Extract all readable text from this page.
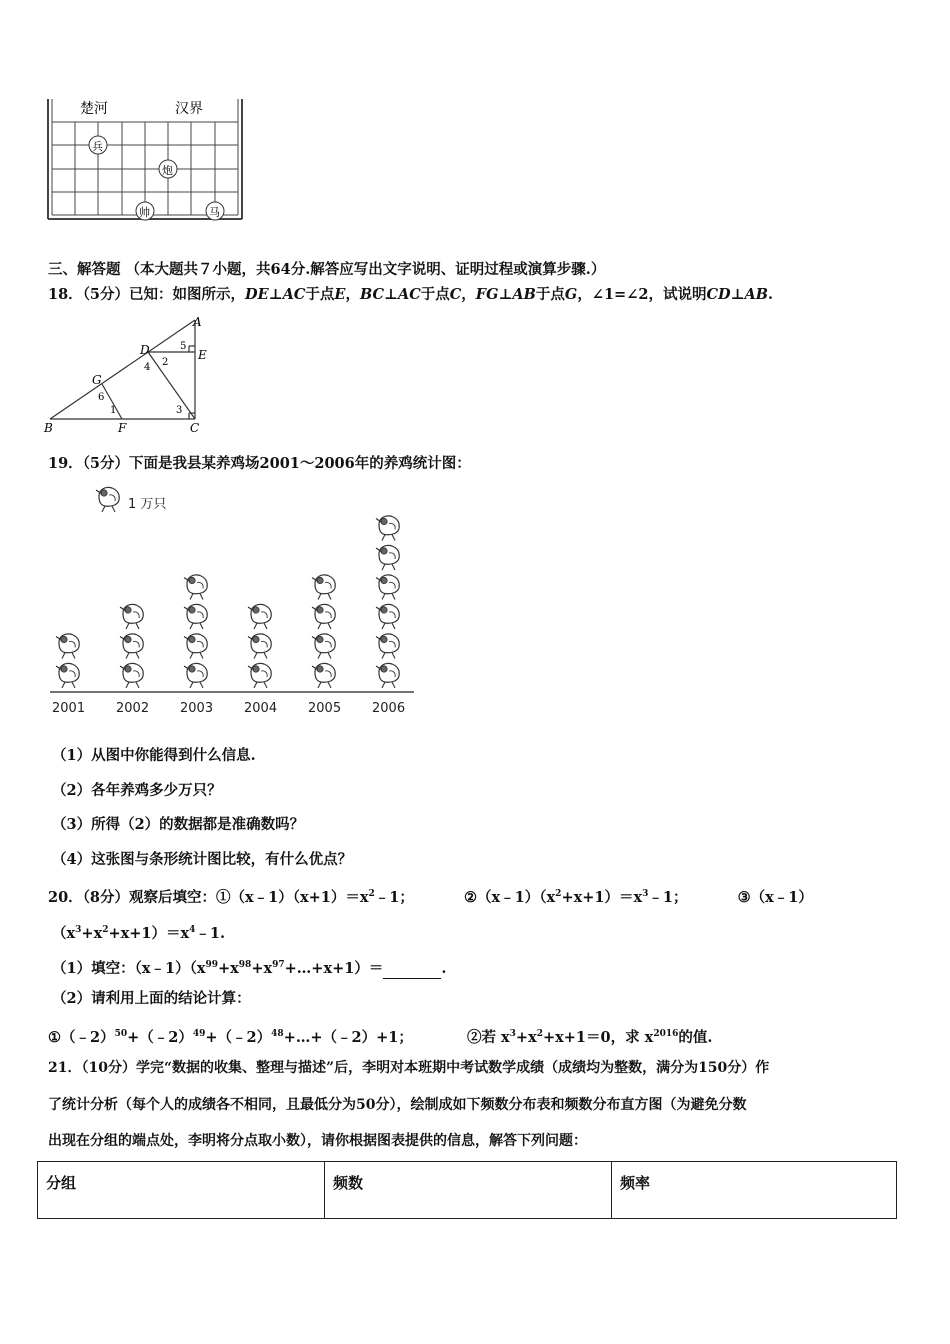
楚河	汉界
兵
炮
帅	马
三、解答题 （本大题共７小题，共64分.解答应写出文字说明、证明过程或演算步骤.）
18．（5分）已知：如图所示，DE⊥AC于点E，BC⊥AC于点C，FG⊥AB于点G，∠1=∠2，试说明CD⊥AB.
A
D	E
G
B	F	C
5
2
4
6
1	3
19．（5分）下面是我县某养鸡场2001～2006年的养鸡统计图：
1 万只
2001 2002 2003 2004 2005 2006
（1）从图中你能得到什么信息.
（2）各年养鸡多少万只？
（3）所得（2）的数据都是准确数吗？
（4）这张图与条形统计图比较，有什么优点？
20．（8分）观察后填空：$①(x﹣1)(x+1)=x^2﹣1$；	$②(x﹣1)(x^2+x+1)=x^3﹣1$；	③（x﹣1）
$(x^3+x^2+x+1)=x^4﹣1$.
（1）填空：$(x﹣1)(x^{99}+x^{98}+x^{97}+\dots+x+1)=$	.
（2）请利用上面的结论计算：
①（﹣2）$^{50}$+（﹣2）$^{49}$+（﹣2）$^{48}$+…+（﹣2）+1；	②若 $x^3+x^2+x+1=0$，求 $x^{2016}$的值.
21．（10分）学完“数据的收集、整理与描述”后，李明对本班期中考试数学成绩（成绩均为整数，满分为150分）作
了统计分析（每个人的成绩各不相同，且最低分为50分），绘制成如下频数分布表和频数分布直方图（为避免分数
出现在分组的端点处，李明将分点取小数），请你根据图表提供的信息，解答下列问题：
分组	频数	频率
